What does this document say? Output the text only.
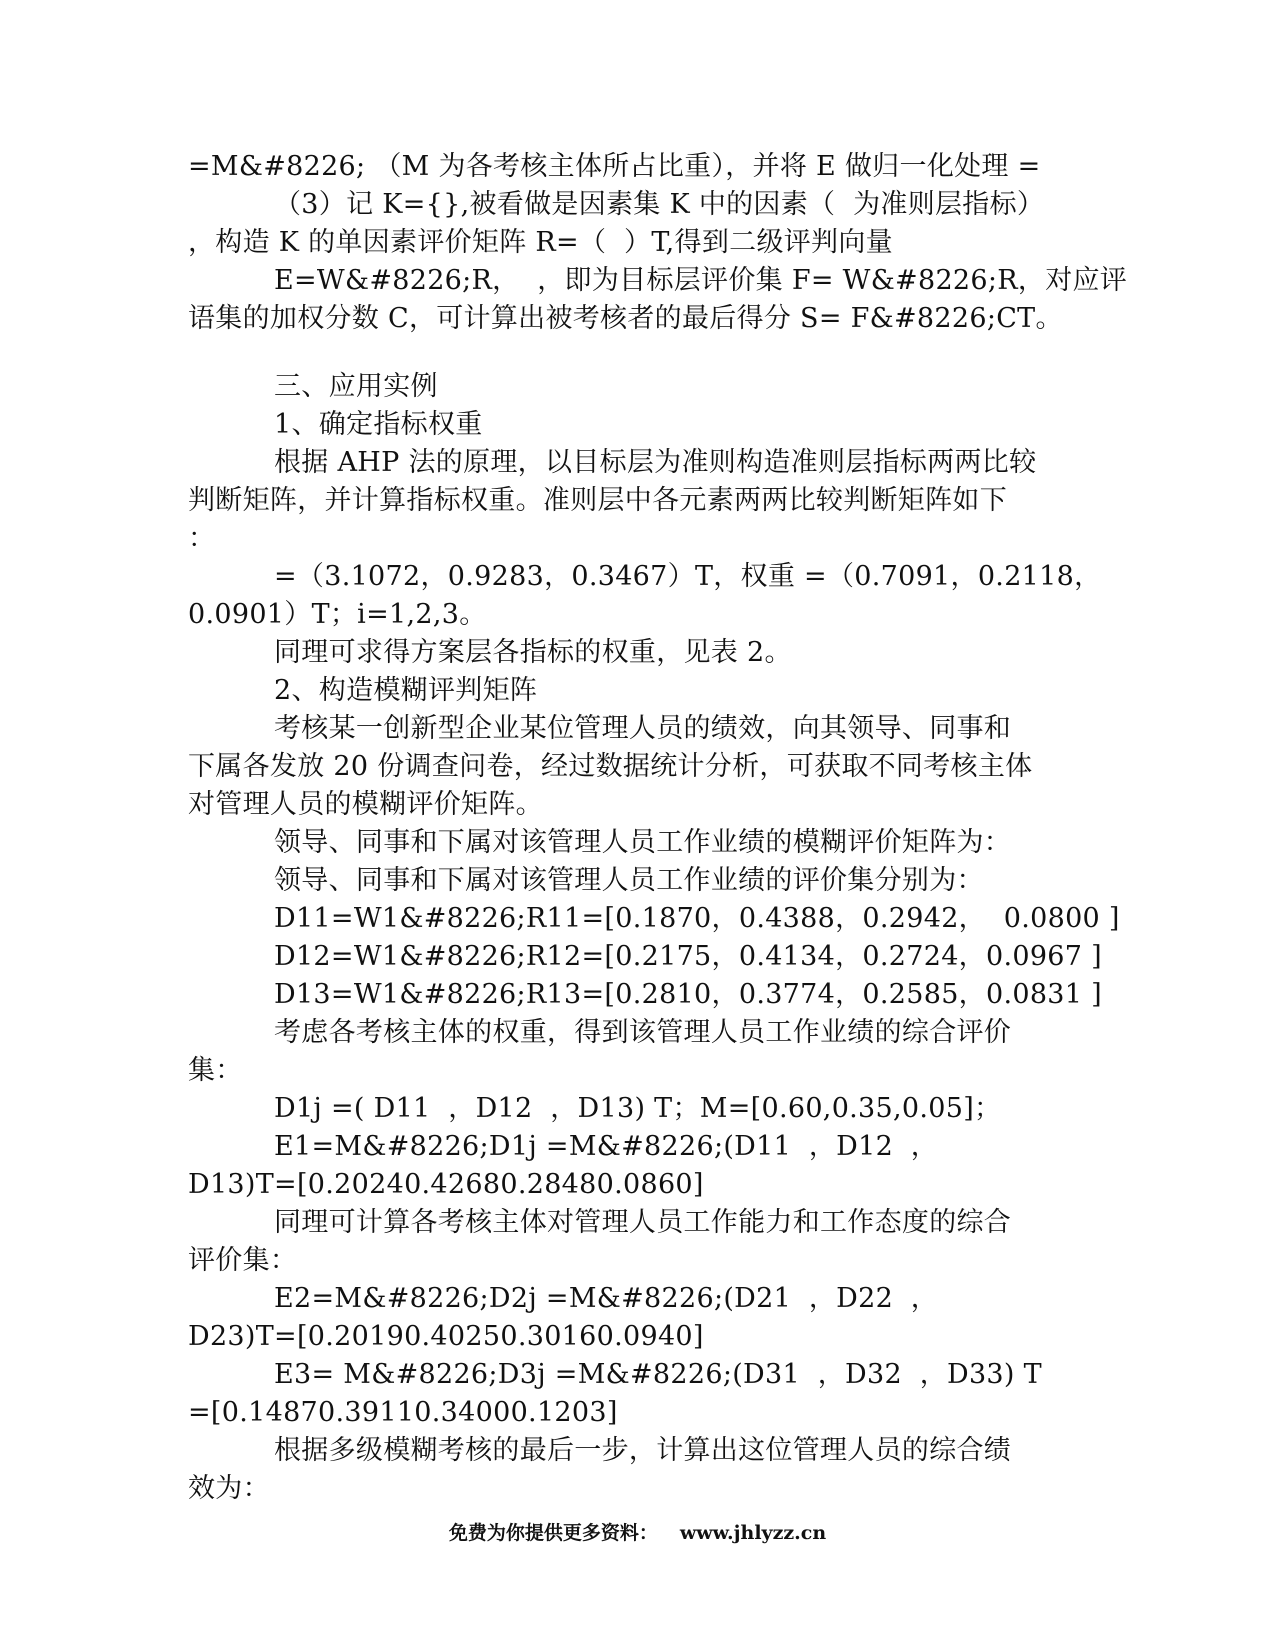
=M&#8226; （M 为各考核主体所占比重），并将 E 做归一化处理 =
（3）记 K={},被看做是因素集 K 中的因素（  为准则层指标）
，构造 K 的单因素评价矩阵 R=（  ）T,得到二级评判向量
E=W&#8226;R，  ，即为目标层评价集 F= W&#8226;R，对应评
语集的加权分数 C，可计算出被考核者的最后得分 S= F&#8226;CT。
三、应用实例
1、确定指标权重
根据 AHP 法的原理，以目标层为准则构造准则层指标两两比较
判断矩阵，并计算指标权重。准则层中各元素两两比较判断矩阵如下
：
=（3.1072，0.9283，0.3467）T，权重 =（0.7091，0.2118，
0.0901）T；i=1,2,3。
同理可求得方案层各指标的权重，见表 2。
2、构造模糊评判矩阵
考核某一创新型企业某位管理人员的绩效，向其领导、同事和
下属各发放 20 份调查问卷，经过数据统计分析，可获取不同考核主体
对管理人员的模糊评价矩阵。
领导、同事和下属对该管理人员工作业绩的模糊评价矩阵为：
领导、同事和下属对该管理人员工作业绩的评价集分别为：
D11=W1&#8226;R11=[0.1870，0.4388，0.2942，  0.0800 ]
D12=W1&#8226;R12=[0.2175，0.4134，0.2724，0.0967 ]
D13=W1&#8226;R13=[0.2810，0.3774，0.2585，0.0831 ]
考虑各考核主体的权重，得到该管理人员工作业绩的综合评价
集：
D1j =( D11  ，D12  ，D13) T；M=[0.60,0.35,0.05]；
E1=M&#8226;D1j =M&#8226;(D11  ，D12  ，
D13)T=[0.20240.42680.28480.0860]
同理可计算各考核主体对管理人员工作能力和工作态度的综合
评价集：
E2=M&#8226;D2j =M&#8226;(D21  ，D22  ，
D23)T=[0.20190.40250.30160.0940]
E3= M&#8226;D3j =M&#8226;(D31  ，D32  ，D33) T
=[0.14870.39110.34000.1203]
根据多级模糊考核的最后一步，计算出这位管理人员的综合绩
效为：
免费为你提供更多资料： www.jhlyzz.cn
